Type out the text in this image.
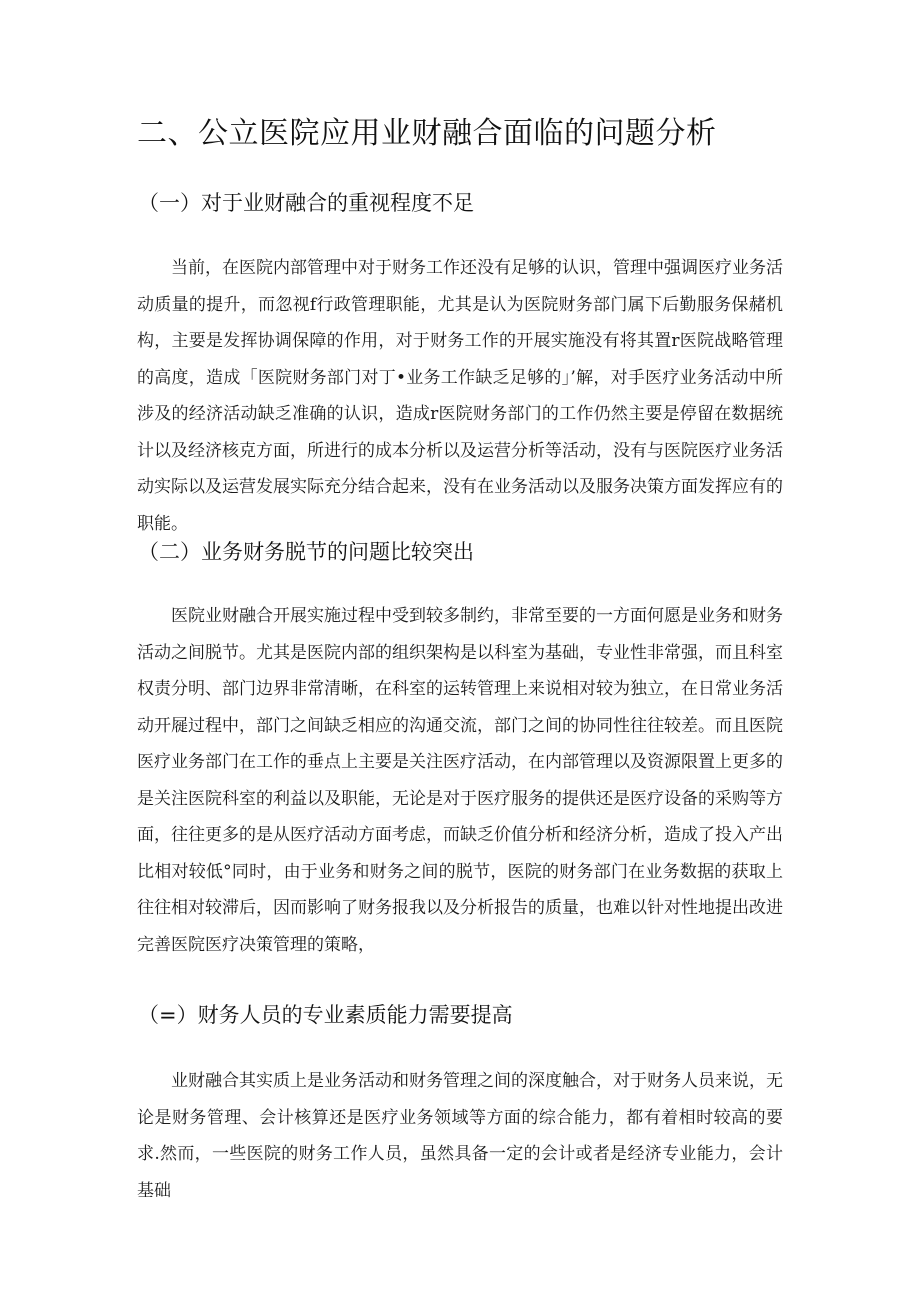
二、公立医院应用业财融合面临的问题分析
（一）对于业财融合的重视程度不足

当前，在医院内部管理中对于财务工作还没有足够的认识，管理中强调医疗业务活动质量的提升，而忽视f行政管理职能，尤其是认为医院财务部门属下后勤服务保赭机构，主要是发挥协调保障的作用，对于财务工作的开展实施没有将其置r医院战略管理的高度，造成「医院财务部门对丁•业务工作缺乏足够的」’解，对手医疗业务活动中所涉及的经济活动缺乏准确的认识，造成r医院财务部门的工作仍然主要是停留在数据统计以及经济核克方面，所进行的成本分析以及运营分析等活动，没有与医院医疗业务活动实际以及运营发展实际充分结合起来，没有在业务活动以及服务决策方面发挥应有的职能。

（二）业务财务脱节的问题比较突出

医院业财融合开展实施过程中受到较多制约，非常至要的一方面何愿是业务和财务活动之间脱节。尤其是医院内部的组织架构是以科室为基础，专业性非常强，而且科室权责分明、部门边界非常清晰，在科室的运转管理上来说相对较为独立，在日常业务活动开屣过程中，部门之间缺乏相应的沟通交流，部门之间的协同性往往较差。而且医院医疗业务部门在工作的垂点上主要是关注医疗活动，在内部管理以及资源限置上更多的是关注医院科室的利益以及职能，无论是对于医疗服务的提供还是医疗设备的采购等方面，往往更多的是从医疗活动方面考虑，而缺乏价值分析和经济分析，造成了投入产出比相对较低°同时，由于业务和财务之间的脱节，医院的财务部门在业务数据的获取上往往相对较滞后，因而影响了财务报我以及分析报告的质量，也难以针对性地提出改进完善医院医疗决策管理的策略，

（=）财务人员的专业素质能力需要提高

业财融合其实质上是业务活动和财务管理之间的深度触合，对于财务人员来说，无论是财务管理、会计核算还是医疗业务领域等方面的综合能力，都有着相时较高的要求.然而，一些医院的财务工作人员，虽然具备一定的会计或者是经济专业能力，会计基础
